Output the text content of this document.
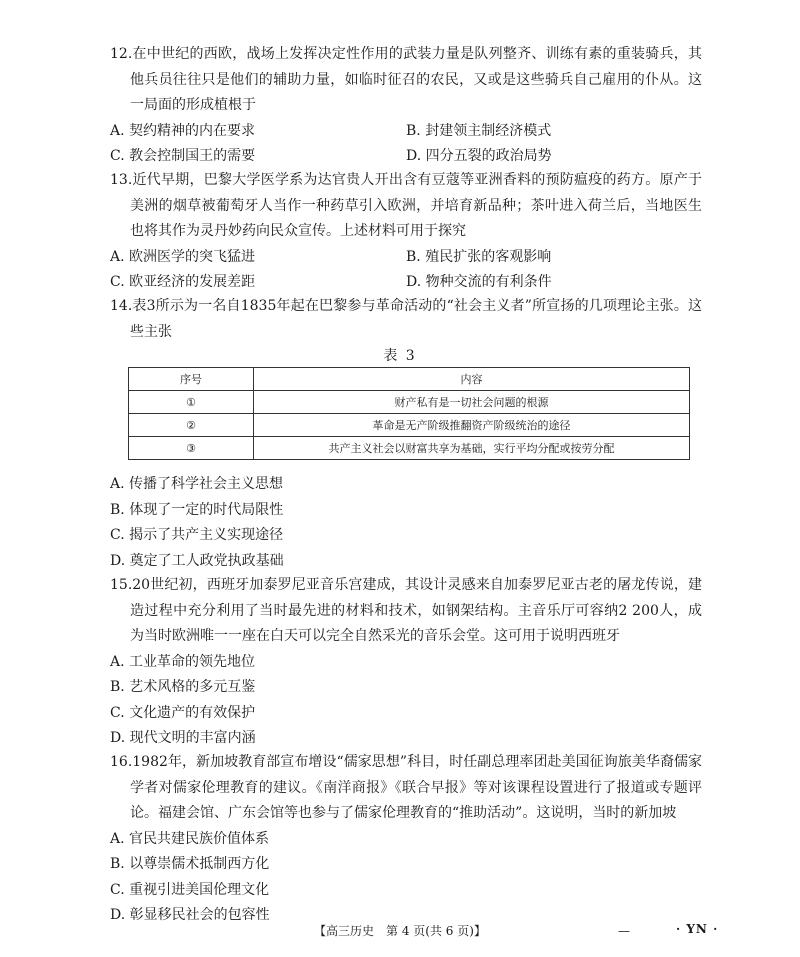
12.在中世纪的西欧，战场上发挥决定性作用的武装力量是队列整齐、训练有素的重装骑兵，其他兵员往往只是他们的辅助力量，如临时征召的农民，又或是这些骑兵自己雇用的仆从。这一局面的形成植根于
A. 契约精神的内在要求	B. 封建领主制经济模式
C. 教会控制国王的需要	D. 四分五裂的政治局势
13.近代早期，巴黎大学医学系为达官贵人开出含有豆蔻等亚洲香料的预防瘟疫的药方。原产于美洲的烟草被葡萄牙人当作一种药草引入欧洲，并培育新品种；茶叶进入荷兰后，当地医生也将其作为灵丹妙药向民众宣传。上述材料可用于探究
A. 欧洲医学的突飞猛进	B. 殖民扩张的客观影响
C. 欧亚经济的发展差距	D. 物种交流的有利条件
14.表3所示为一名自1835年起在巴黎参与革命活动的“社会主义者”所宣扬的几项理论主张。这些主张
表 3
序号	内容
①	财产私有是一切社会问题的根源
②	革命是无产阶级推翻资产阶级统治的途径
③	共产主义社会以财富共享为基础，实行平均分配或按劳分配
A. 传播了科学社会主义思想
B. 体现了一定的时代局限性
C. 揭示了共产主义实现途径
D. 奠定了工人政党执政基础
15.20世纪初，西班牙加泰罗尼亚音乐宫建成，其设计灵感来自加泰罗尼亚古老的屠龙传说，建造过程中充分利用了当时最先进的材料和技术，如钢架结构。主音乐厅可容纳2 200人，成为当时欧洲唯一一座在白天可以完全自然采光的音乐会堂。这可用于说明西班牙
A. 工业革命的领先地位
B. 艺术风格的多元互鉴
C. 文化遗产的有效保护
D. 现代文明的丰富内涵
16.1982年，新加坡教育部宣布增设“儒家思想”科目，时任副总理率团赴美国征询旅美华裔儒家学者对儒家伦理教育的建议。《南洋商报》《联合早报》等对该课程设置进行了报道或专题评论。福建会馆、广东会馆等也参与了儒家伦理教育的“推助活动”。这说明，当时的新加坡
A. 官民共建民族价值体系
B. 以尊崇儒术抵制西方化
C. 重视引进美国伦理文化
D. 彰显移民社会的包容性
【高三历史　第 4 页(共 6 页)】	—	· YN ·
